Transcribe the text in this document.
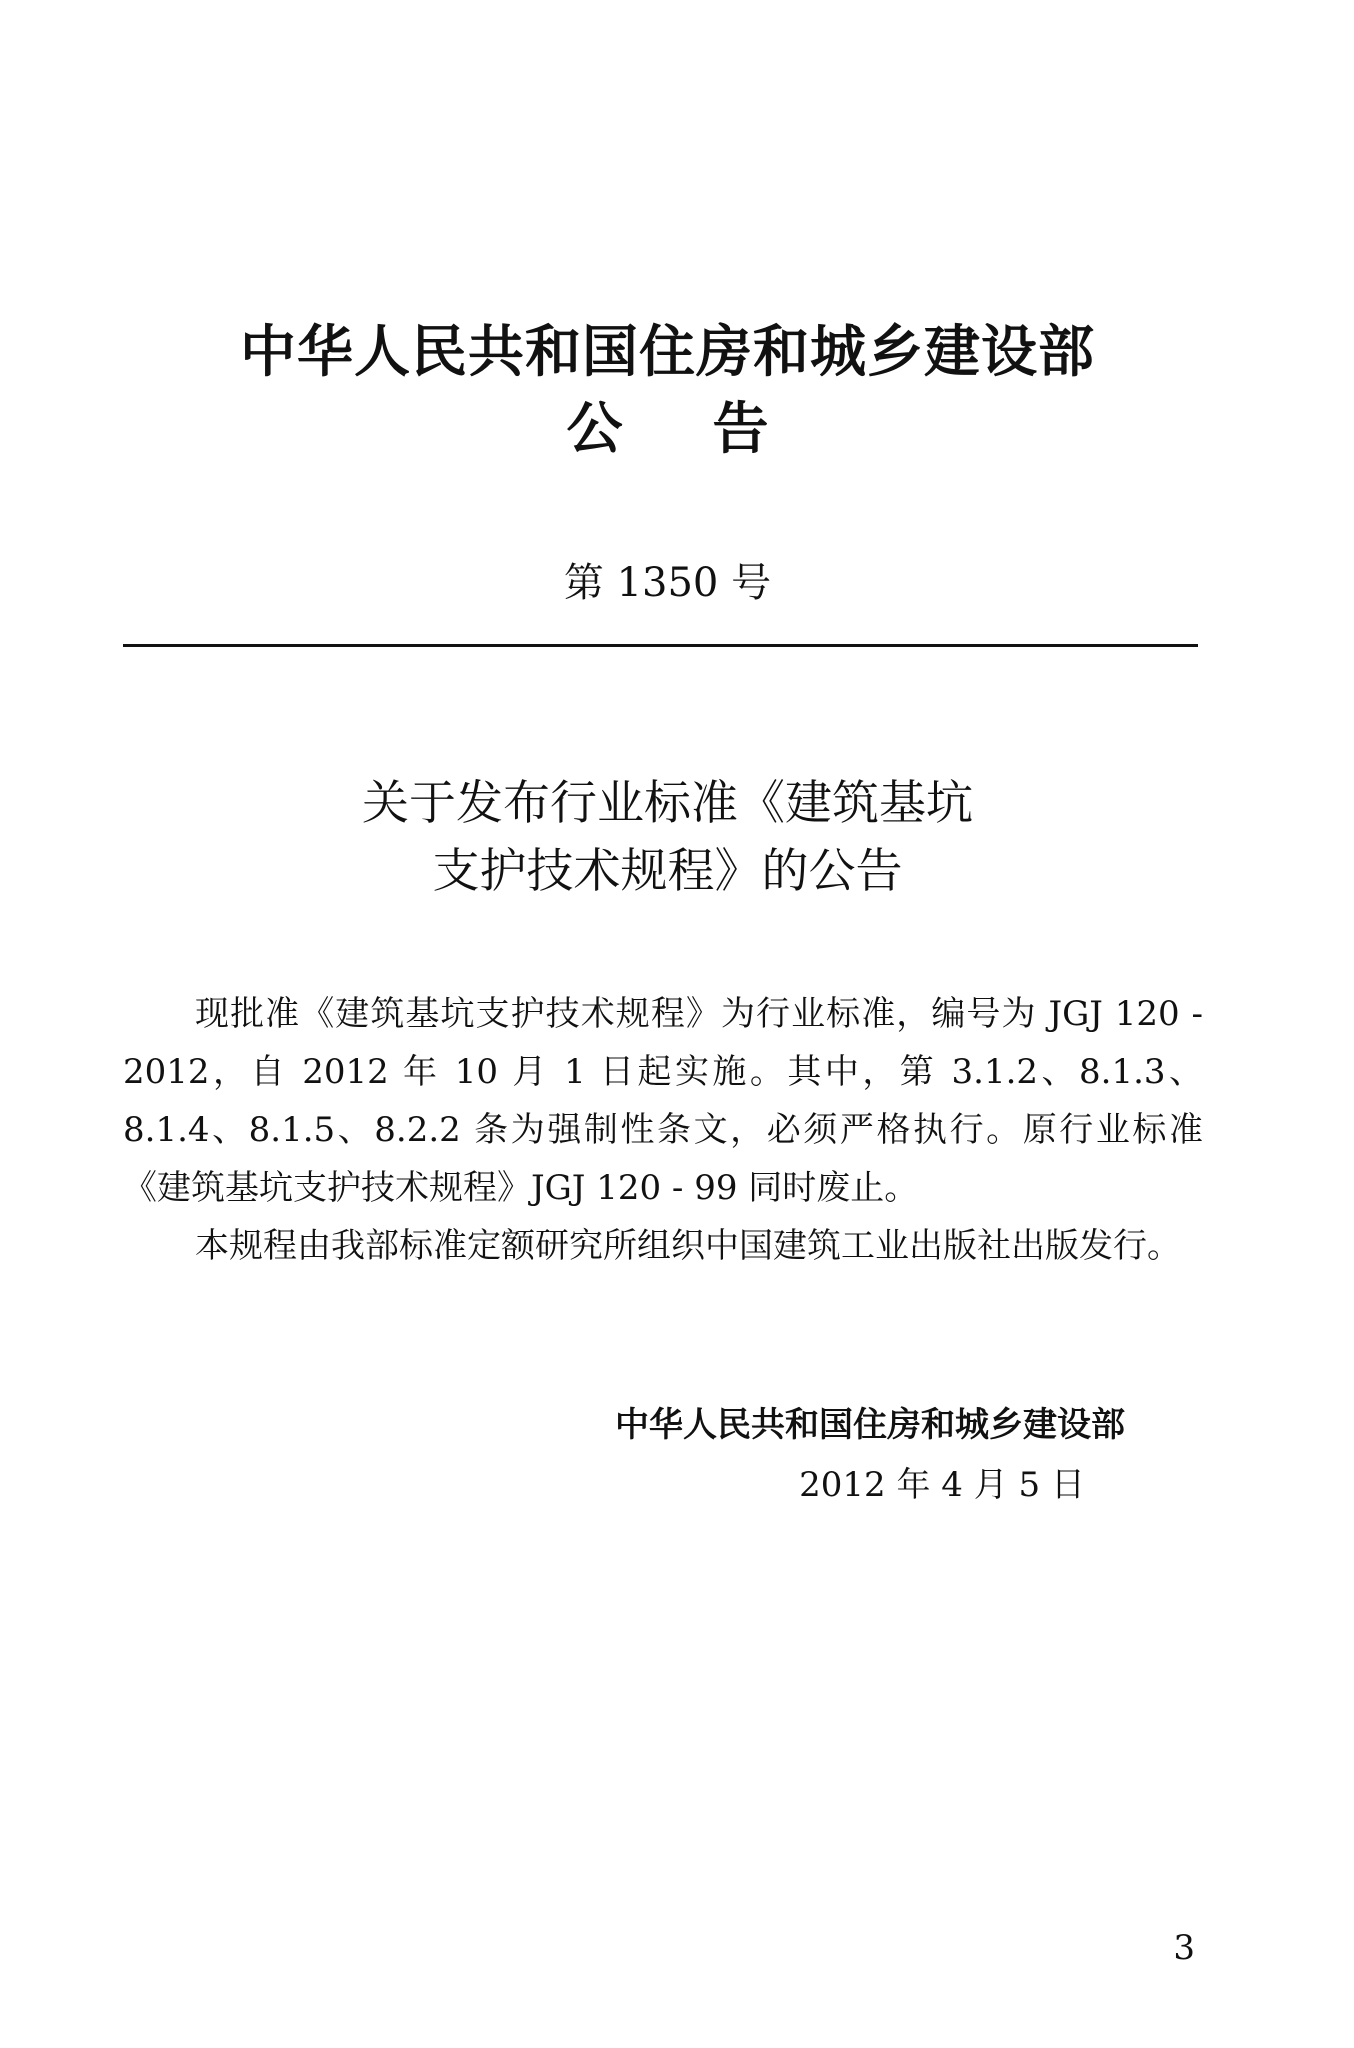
中华人民共和国住房和城乡建设部
公告
第 1350 号
关于发布行业标准《建筑基坑
支护技术规程》的公告

现批准《建筑基坑支护技术规程》为行业标准，编号为 JGJ 120 - 2012，自 2012 年 10 月 1 日起实施。其中，第 3.1.2、8.1.3、8.1.4、8.1.5、8.2.2 条为强制性条文，必须严格执行。原行业标准《建筑基坑支护技术规程》JGJ 120 - 99 同时废止。

本规程由我部标准定额研究所组织中国建筑工业出版社出版发行。

中华人民共和国住房和城乡建设部
2012 年 4 月 5 日
3
